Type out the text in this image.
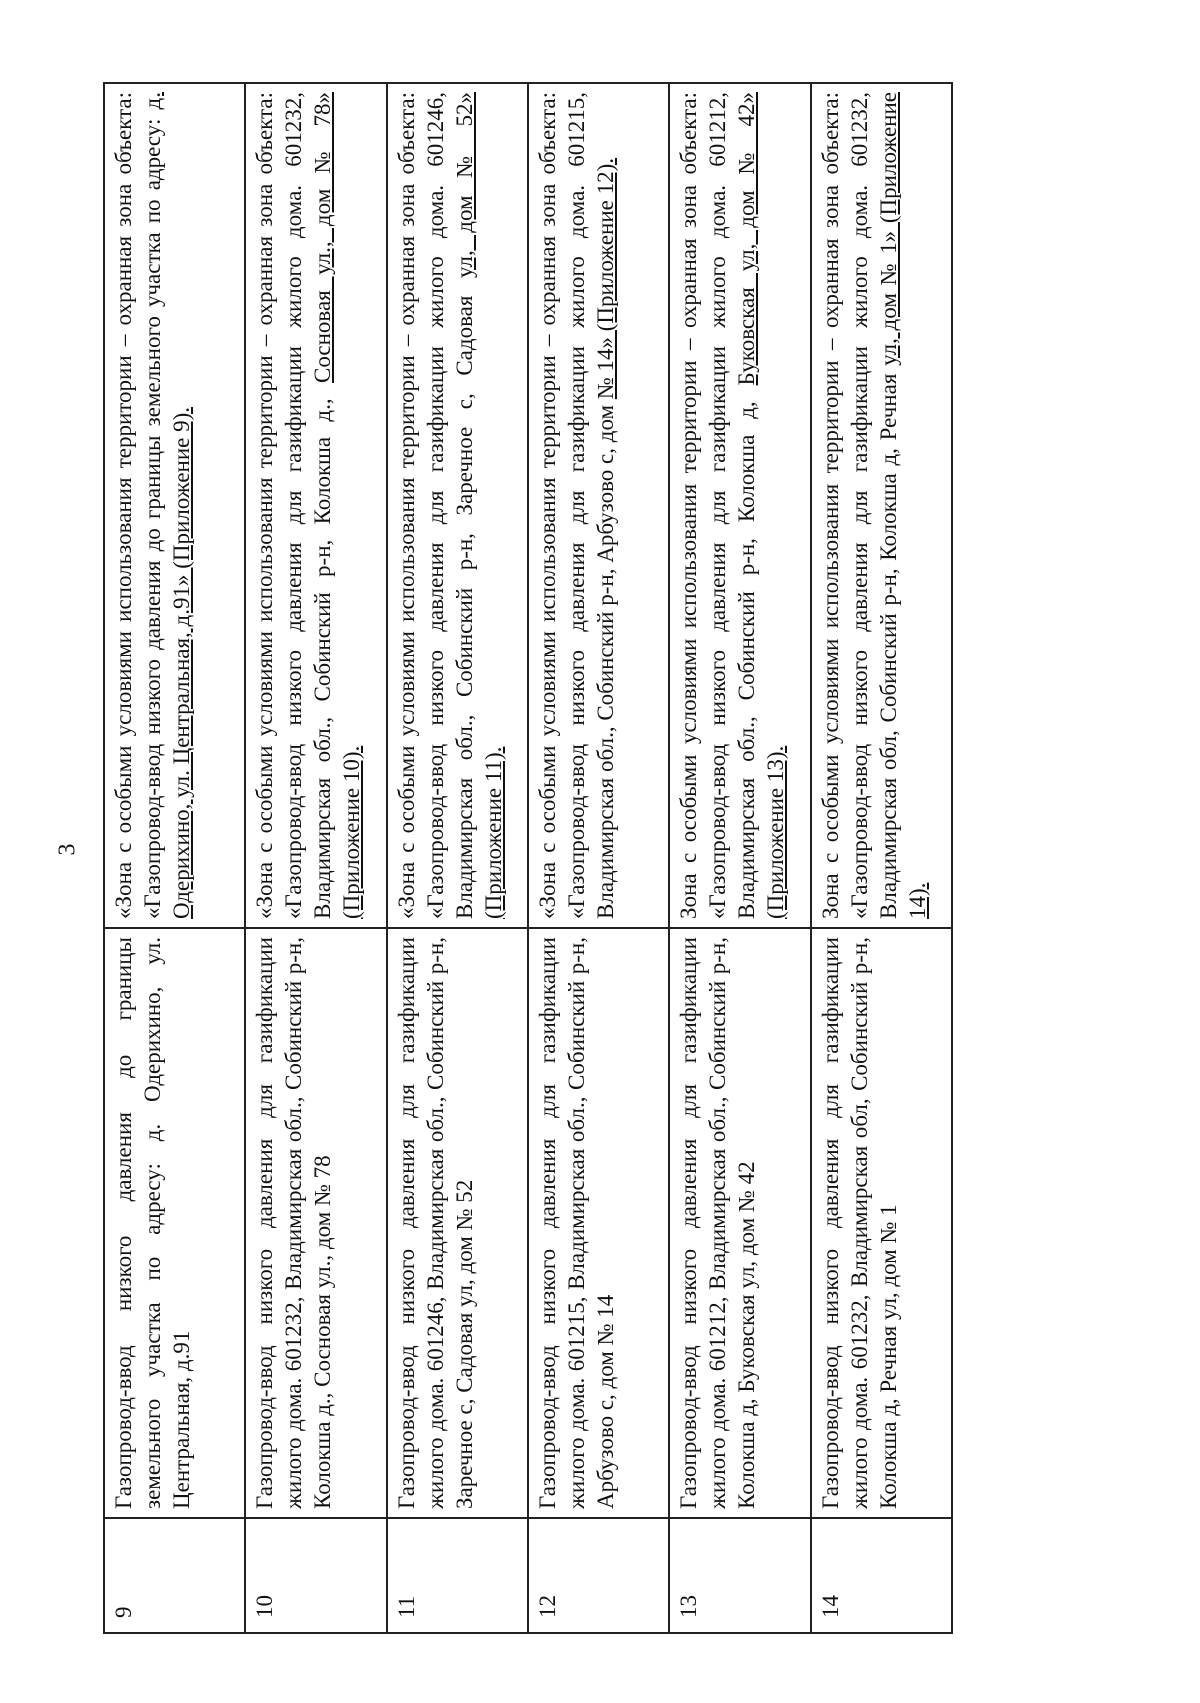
3
9	Газопровод-ввод низкого давления до границы земельного участка по адресу: д. Одерихино, ул. Центральная, д.91	«Зона с особыми условиями использования территории – охранная зона объекта: «Газопровод-ввод низкого давления до границы земельного участка по адресу: д. Одерихино, ул. Центральная, д.91» (Приложение 9).
10	Газопровод-ввод низкого давления для газификации жилого дома. 601232, Владимирская обл., Собинский р-н, Колокша д., Сосновая ул., дом № 78	«Зона с особыми условиями использования территории – охранная зона объекта: «Газопровод-ввод низкого давления для газификации жилого дома. 601232, Владимирская обл., Собинский р-н, Колокша д., Сосновая ул., дом № 78» (Приложение 10).
11	Газопровод-ввод низкого давления для газификации жилого дома. 601246, Владимирская обл., Собинский р-н, Заречное с, Садовая ул, дом № 52	«Зона с особыми условиями использования территории – охранная зона объекта: «Газопровод-ввод низкого давления для газификации жилого дома. 601246, Владимирская обл., Собинский р-н, Заречное с, Садовая ул, дом № 52» (Приложение 11).
12	Газопровод-ввод низкого давления для газификации жилого дома. 601215, Владимирская обл., Собинский р-н, Арбузово с, дом № 14	«Зона с особыми условиями использования территории – охранная зона объекта: «Газопровод-ввод низкого давления для газификации жилого дома. 601215, Владимирская обл., Собинский р-н, Арбузово с, дом № 14» (Приложение 12).
13	Газопровод-ввод низкого давления для газификации жилого дома. 601212, Владимирская обл., Собинский р-н, Колокша д, Буковская ул, дом № 42	Зона с особыми условиями использования территории – охранная зона объекта: «Газопровод-ввод низкого давления для газификации жилого дома. 601212, Владимирская обл., Собинский р-н, Колокша д, Буковская ул, дом № 42» (Приложение 13).
14	Газопровод-ввод низкого давления для газификации жилого дома. 601232, Владимирская обл, Собинский р-н, Колокша д, Речная ул, дом № 1	Зона с особыми условиями использования территории – охранная зона объекта: «Газопровод-ввод низкого давления для газификации жилого дома. 601232, Владимирская обл, Собинский р-н, Колокша д, Речная ул, дом № 1» (Приложение 14).
